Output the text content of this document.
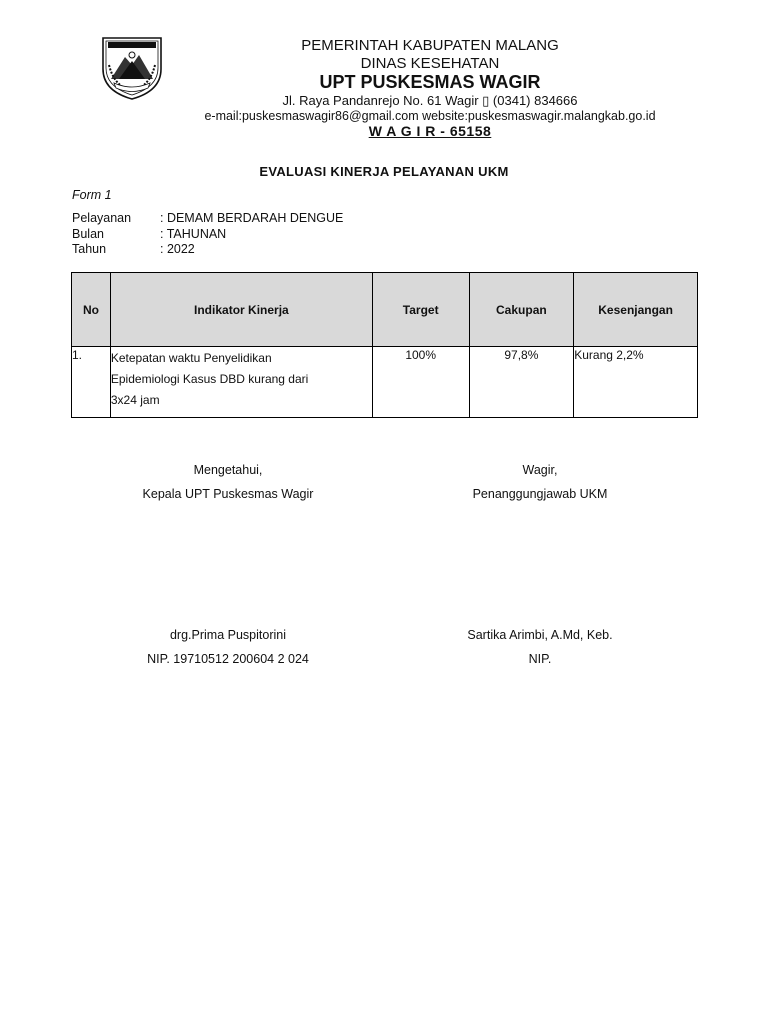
PEMERINTAH KABUPATEN MALANG
DINAS KESEHATAN
UPT PUSKESMAS WAGIR
Jl. Raya Pandanrejo No. 61 Wagir ▯ (0341) 834666
e-mail:puskesmaswagir86@gmail.com website:puskesmaswagir.malangkab.go.id
W A G I R - 65158
EVALUASI KINERJA PELAYANAN UKM
Form 1
Pelayanan : DEMAM BERDARAH DENGUE
Bulan	: TAHUNAN
Tahun	: 2022
No	Indikator Kinerja	Target	Cakupan	Kesenjangan
1.	Ketepatan waktu Penyelidikan
Epidemiologi Kasus DBD kurang dari
3x24 jam	100%	97,8%	Kurang 2,2%
Mengetahui,
Kepala UPT Puskesmas Wagir
drg.Prima Puspitorini
NIP. 19710512 200604 2 024
Wagir,
Penanggungjawab UKM
Sartika Arimbi, A.Md, Keb.
NIP.
